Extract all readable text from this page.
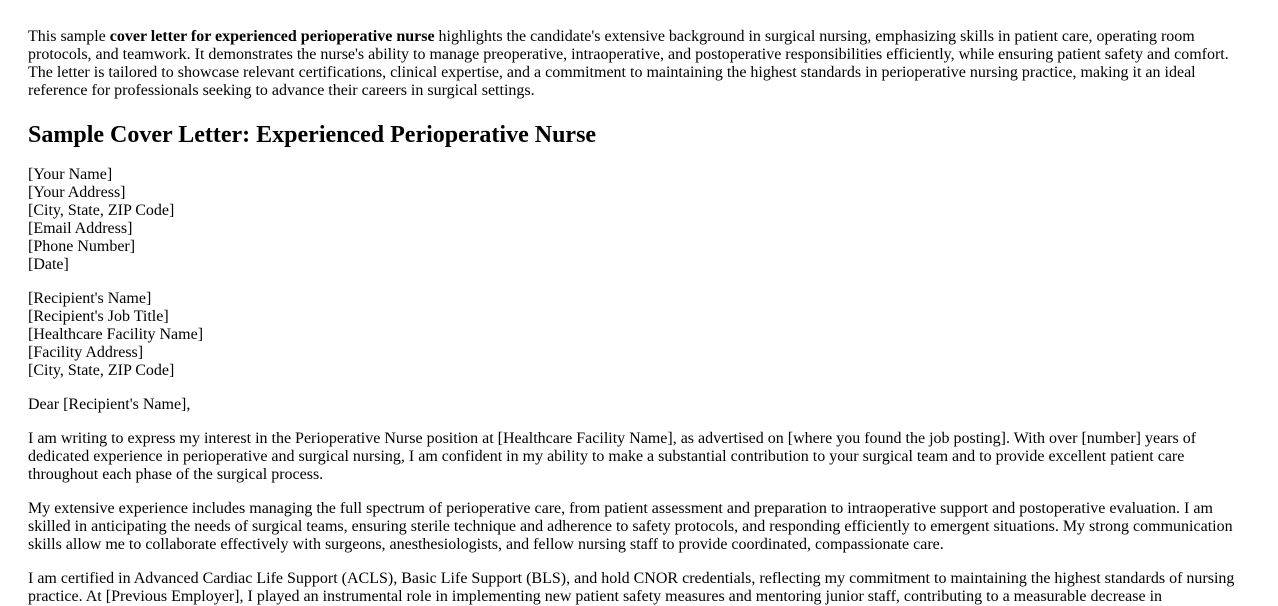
This sample cover letter for experienced perioperative nurse highlights the candidate's extensive background in surgical nursing, emphasizing skills in patient care, operating room protocols, and teamwork. It demonstrates the nurse's ability to manage preoperative, intraoperative, and postoperative responsibilities efficiently, while ensuring patient safety and comfort. The letter is tailored to showcase relevant certifications, clinical expertise, and a commitment to maintaining the highest standards in perioperative nursing practice, making it an ideal reference for professionals seeking to advance their careers in surgical settings.

Sample Cover Letter: Experienced Perioperative Nurse
[Your Name]
[Your Address]
[City, State, ZIP Code]
[Email Address]
[Phone Number]
[Date]
[Recipient's Name]
[Recipient's Job Title]
[Healthcare Facility Name]
[Facility Address]
[City, State, ZIP Code]

Dear [Recipient's Name],

I am writing to express my interest in the Perioperative Nurse position at [Healthcare Facility Name], as advertised on [where you found the job posting]. With over [number] years of dedicated experience in perioperative and surgical nursing, I am confident in my ability to make a substantial contribution to your surgical team and to provide excellent patient care throughout each phase of the surgical process.

My extensive experience includes managing the full spectrum of perioperative care, from patient assessment and preparation to intraoperative support and postoperative evaluation. I am skilled in anticipating the needs of surgical teams, ensuring sterile technique and adherence to safety protocols, and responding efficiently to emergent situations. My strong communication skills allow me to collaborate effectively with surgeons, anesthesiologists, and fellow nursing staff to provide coordinated, compassionate care.

I am certified in Advanced Cardiac Life Support (ACLS), Basic Life Support (BLS), and hold CNOR credentials, reflecting my commitment to maintaining the highest standards of nursing practice. At [Previous Employer], I played an instrumental role in implementing new patient safety measures and mentoring junior staff, contributing to a measurable decrease in
